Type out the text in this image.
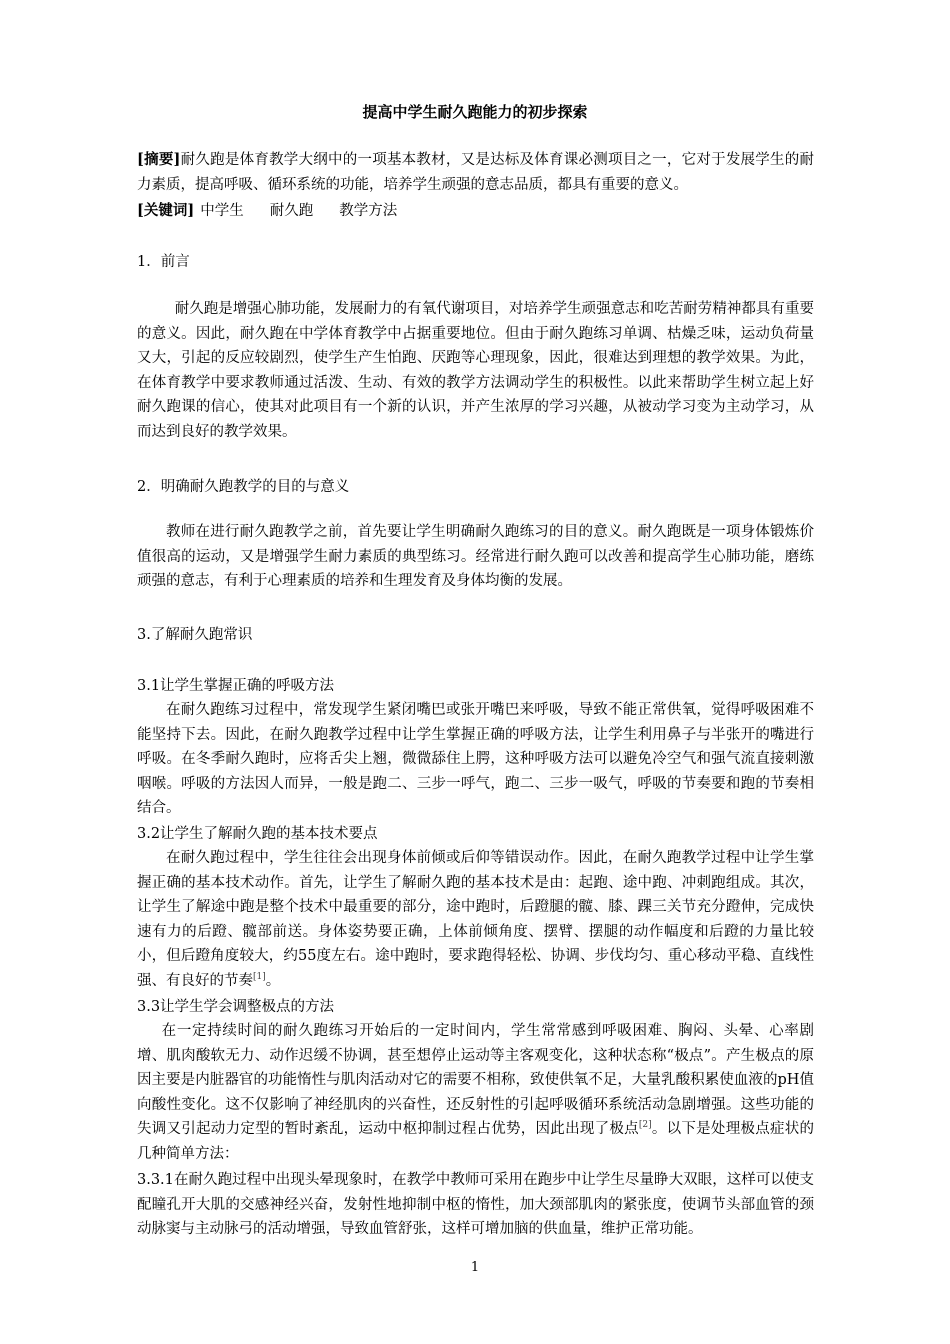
提高中学生耐久跑能力的初步探索
[摘要]耐久跑是体育教学大纲中的一项基本教材，又是达标及体育课必测项目之一，它对于发展学生的耐力素质，提高呼吸、循环系统的功能，培养学生顽强的意志品质，都具有重要的意义。
[关键词] 中学生 耐久跑 教学方法
1．前言
耐久跑是增强心肺功能，发展耐力的有氧代谢项目，对培养学生顽强意志和吃苦耐劳精神都具有重要的意义。因此，耐久跑在中学体育教学中占据重要地位。但由于耐久跑练习单调、枯燥乏味，运动负荷量又大，引起的反应较剧烈，使学生产生怕跑、厌跑等心理现象，因此，很难达到理想的教学效果。为此，在体育教学中要求教师通过活泼、生动、有效的教学方法调动学生的积极性。以此来帮助学生树立起上好耐久跑课的信心，使其对此项目有一个新的认识，并产生浓厚的学习兴趣，从被动学习变为主动学习，从而达到良好的教学效果。
2．明确耐久跑教学的目的与意义
教师在进行耐久跑教学之前，首先要让学生明确耐久跑练习的目的意义。耐久跑既是一项身体锻炼价值很高的运动，又是增强学生耐力素质的典型练习。经常进行耐久跑可以改善和提高学生心肺功能，磨练顽强的意志，有利于心理素质的培养和生理发育及身体均衡的发展。
3.了解耐久跑常识
3.1让学生掌握正确的呼吸方法
在耐久跑练习过程中，常发现学生紧闭嘴巴或张开嘴巴来呼吸，导致不能正常供氧，觉得呼吸困难不能坚持下去。因此，在耐久跑教学过程中让学生掌握正确的呼吸方法，让学生利用鼻子与半张开的嘴进行呼吸。在冬季耐久跑时，应将舌尖上翘，微微舔住上腭，这种呼吸方法可以避免冷空气和强气流直接刺激咽喉。呼吸的方法因人而异，一般是跑二、三步一呼气，跑二、三步一吸气，呼吸的节奏要和跑的节奏相结合。
3.2让学生了解耐久跑的基本技术要点
在耐久跑过程中，学生往往会出现身体前倾或后仰等错误动作。因此，在耐久跑教学过程中让学生掌握正确的基本技术动作。首先，让学生了解耐久跑的基本技术是由：起跑、途中跑、冲刺跑组成。其次，让学生了解途中跑是整个技术中最重要的部分，途中跑时，后蹬腿的髋、膝、踝三关节充分蹬伸，完成快速有力的后蹬、髋部前送。身体姿势要正确，上体前倾角度、摆臂、摆腿的动作幅度和后蹬的力量比较小，但后蹬角度较大，约55度左右。途中跑时，要求跑得轻松、协调、步伐均匀、重心移动平稳、直线性强、有良好的节奏[1]。
3.3让学生学会调整极点的方法
在一定持续时间的耐久跑练习开始后的一定时间内，学生常常感到呼吸困难、胸闷、头晕、心率剧增、肌肉酸软无力、动作迟缓不协调，甚至想停止运动等主客观变化，这种状态称“极点”。产生极点的原因主要是内脏器官的功能惰性与肌肉活动对它的需要不相称，致使供氧不足，大量乳酸积累使血液的pH值向酸性变化。这不仅影响了神经肌肉的兴奋性，还反射性的引起呼吸循环系统活动急剧增强。这些功能的失调又引起动力定型的暂时紊乱，运动中枢抑制过程占优势，因此出现了极点[2]。以下是处理极点症状的几种简单方法：
3.3.1在耐久跑过程中出现头晕现象时，在教学中教师可采用在跑步中让学生尽量睁大双眼，这样可以使支配瞳孔开大肌的交感神经兴奋，发射性地抑制中枢的惰性，加大颈部肌肉的紧张度，使调节头部血管的颈动脉窦与主动脉弓的活动增强，导致血管舒张，这样可增加脑的供血量，维护正常功能。
1
